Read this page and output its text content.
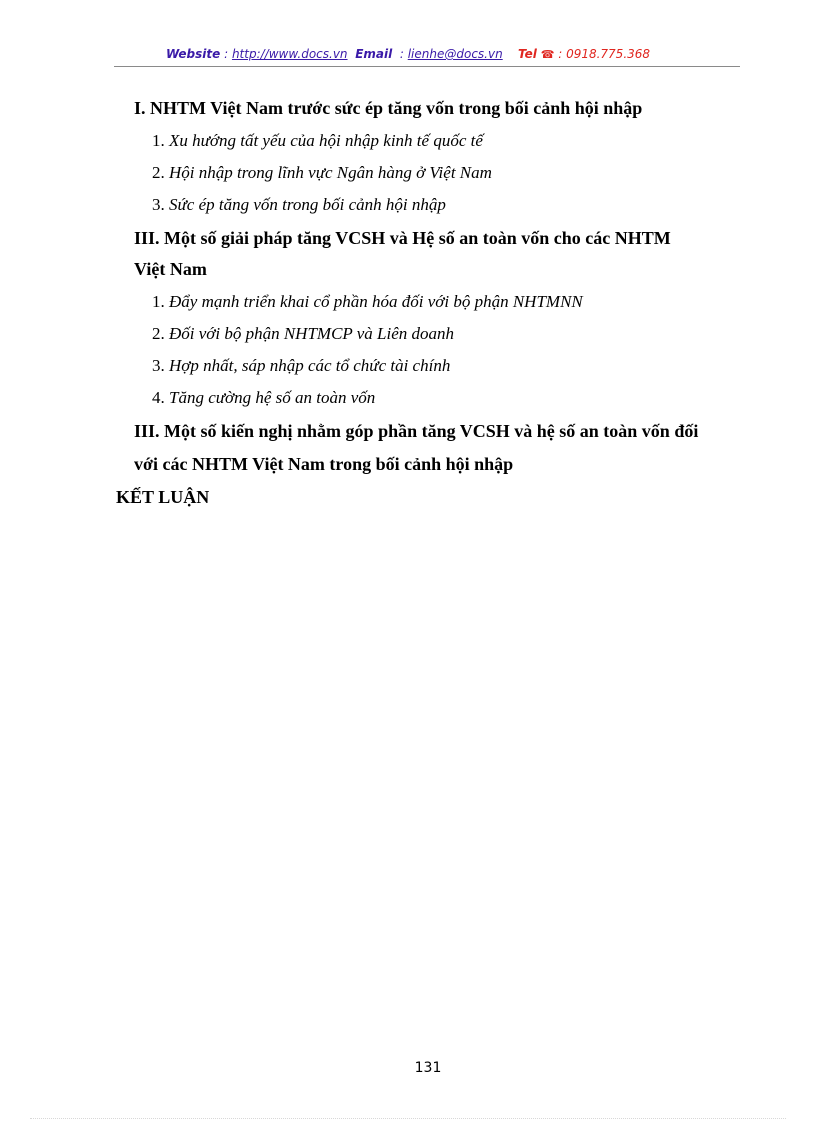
Website : http://www.docs.vn Email  : lienhe@docs.vn Tel ☎ : 0918.775.368
I. NHTM Việt Nam trước sức ép tăng vốn trong bối cảnh hội nhập
1. Xu hướng tất yếu của hội nhập kinh tế quốc tế
2. Hội nhập trong lĩnh vực Ngân hàng ở Việt Nam
3. Sức ép tăng vốn trong bối cảnh hội nhập
III. Một số giải pháp tăng VCSH và Hệ số an toàn vốn cho các NHTM
Việt Nam
1. Đẩy mạnh triển khai cổ phần hóa đối với bộ phận NHTMNN
2. Đối với bộ phận NHTMCP và Liên doanh
3. Hợp nhất, sáp nhập các tổ chức tài chính
4. Tăng cường hệ số an toàn vốn
III. Một số kiến nghị nhằm góp phần tăng VCSH và hệ số an toàn vốn đối
với các NHTM Việt Nam trong bối cảnh hội nhập
KẾT LUẬN
131
